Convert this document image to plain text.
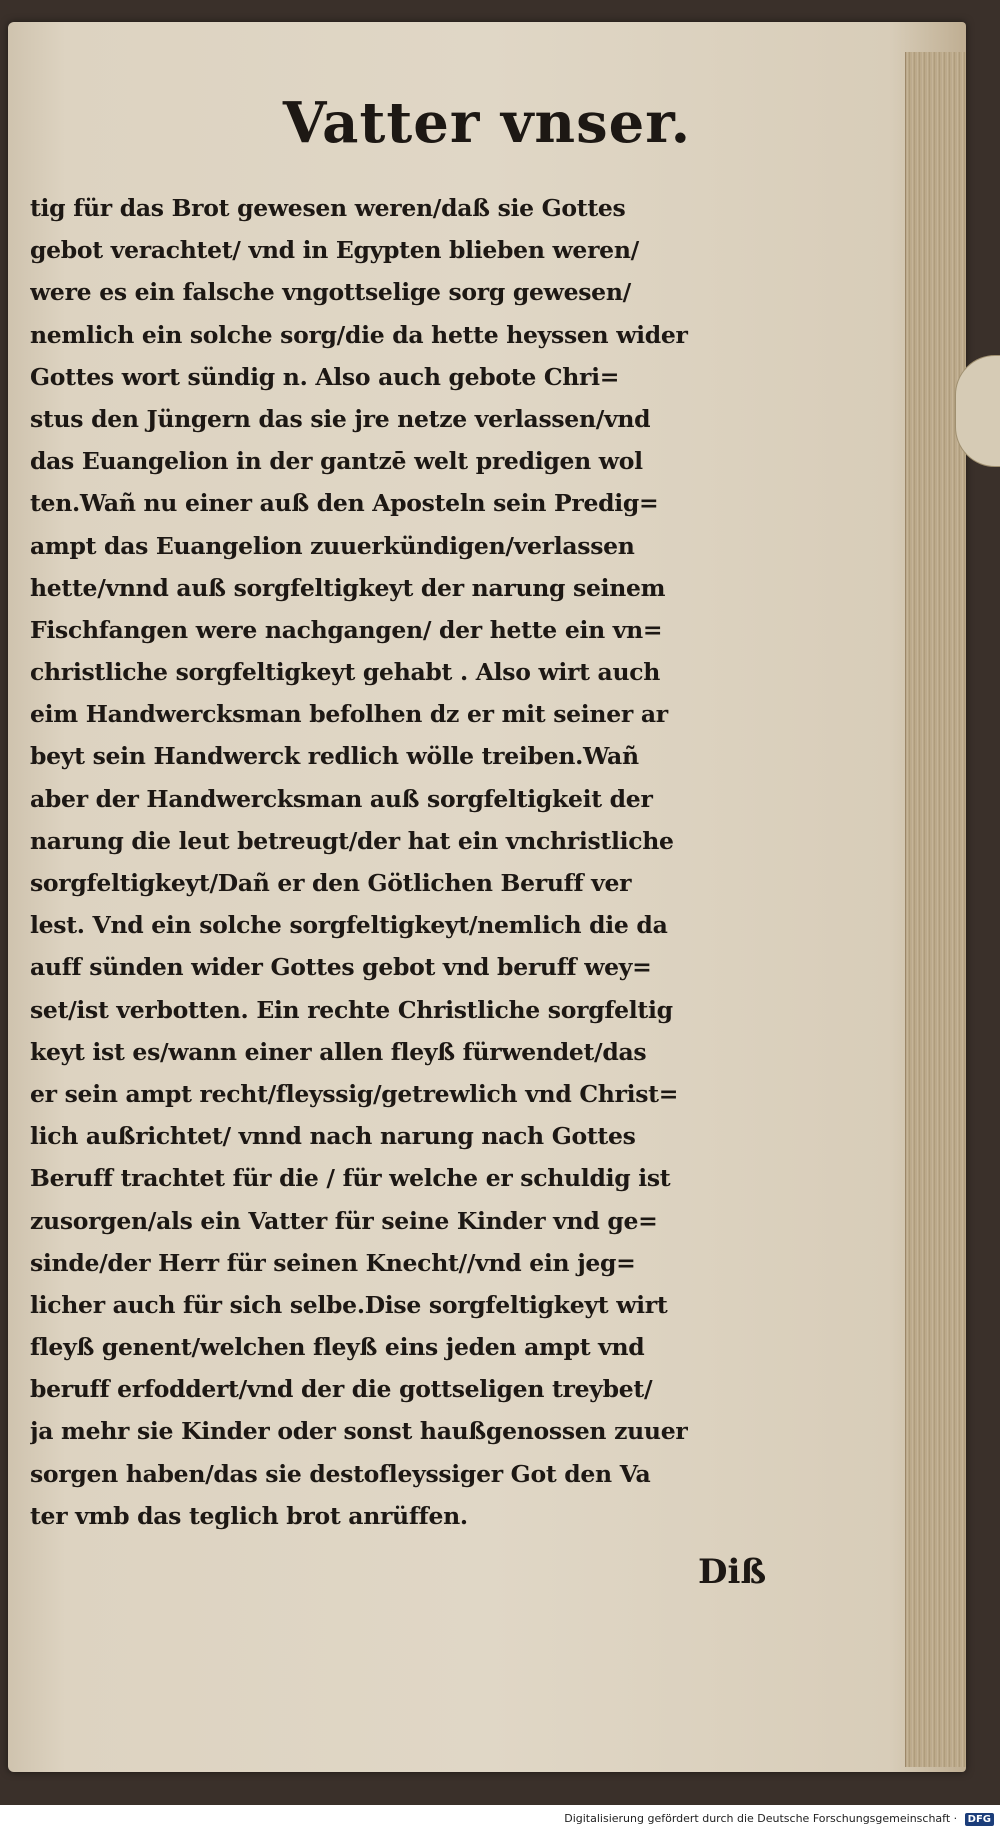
Vatter vnser.
tig für das Brot gewesen weren/daß sie Gottes
gebot verachtet/ vnd in Egypten blieben weren/
were es ein falsche vngottselige sorg gewesen/
nemlich ein solche sorg/die da hette heyssen wider
Gottes wort sündig n. Also auch gebote Chri=
stus den Jüngern das sie jre netze verlassen/vnd
das Euangelion in der gantzē welt predigen wol
ten.Wañ nu einer auß den Aposteln sein Predig=
ampt das Euangelion zuuerkündigen/verlassen
hette/vnnd auß sorgfeltigkeyt der narung seinem
Fischfangen were nachgangen/ der hette ein vn=
christliche sorgfeltigkeyt gehabt . Also wirt auch
eim Handwercksman befolhen dz er mit seiner ar
beyt sein Handwerck redlich wölle treiben.Wañ
aber der Handwercksman auß sorgfeltigkeit der
narung die leut betreugt/der hat ein vnchristliche
sorgfeltigkeyt/Dañ er den Götlichen Beruff ver
lest. Vnd ein solche sorgfeltigkeyt/nemlich die da
auff sünden wider Gottes gebot vnd beruff wey=
set/ist verbotten. Ein rechte Christliche sorgfeltig
keyt ist es/wann einer allen fleyß fürwendet/das
er sein ampt recht/fleyssig/getrewlich vnd Christ=
lich außrichtet/ vnnd nach narung nach Gottes
Beruff trachtet für die / für welche er schuldig ist
zusorgen/als ein Vatter für seine Kinder vnd ge=
sinde/der Herr für seinen Knecht//vnd ein jeg=
licher auch für sich selbe.Dise sorgfeltigkeyt wirt
fleyß genent/welchen fleyß eins jeden ampt vnd
beruff erfoddert/vnd der die gottseligen treybet/
ja mehr sie Kinder oder sonst haußgenossen zuuer
sorgen haben/das sie destofleyssiger Got den Va
ter vmb das teglich brot anrüffen.
Diß
Digitalisierung gefördert durch die Deutsche Forschungsgemeinschaft · DFG
